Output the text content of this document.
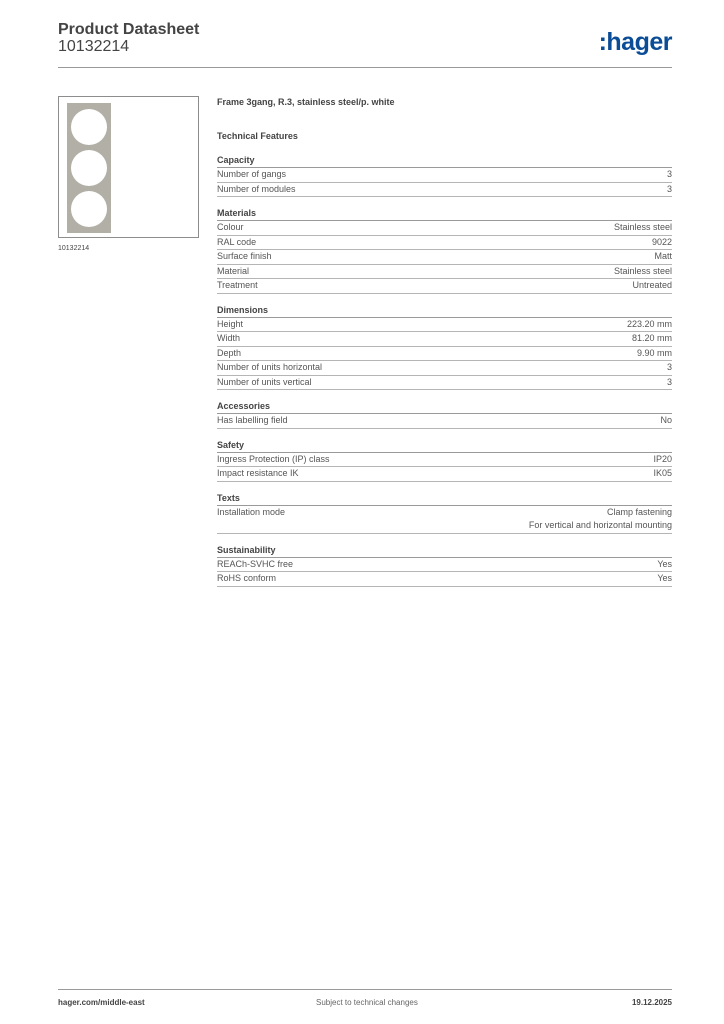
Product Datasheet
10132214	:hager
10132214
Frame 3gang, R.3, stainless steel/p. white
Technical Features
Capacity
Number of gangs	3
Number of modules	3
Materials
Colour	Stainless steel
RAL code	9022
Surface finish	Matt
Material	Stainless steel
Treatment	Untreated
Dimensions
Height	223.20 mm
Width	81.20 mm
Depth	9.90 mm
Number of units horizontal	3
Number of units vertical	3
Accessories
Has labelling field	No
Safety
Ingress Protection (IP) class	IP20
Impact resistance IK	IK05
Texts
Installation mode	Clamp fastening
For vertical and horizontal mounting
Sustainability
REACh-SVHC free	Yes
RoHS conform	Yes
hager.com/middle-east	Subject to technical changes	19.12.2025
